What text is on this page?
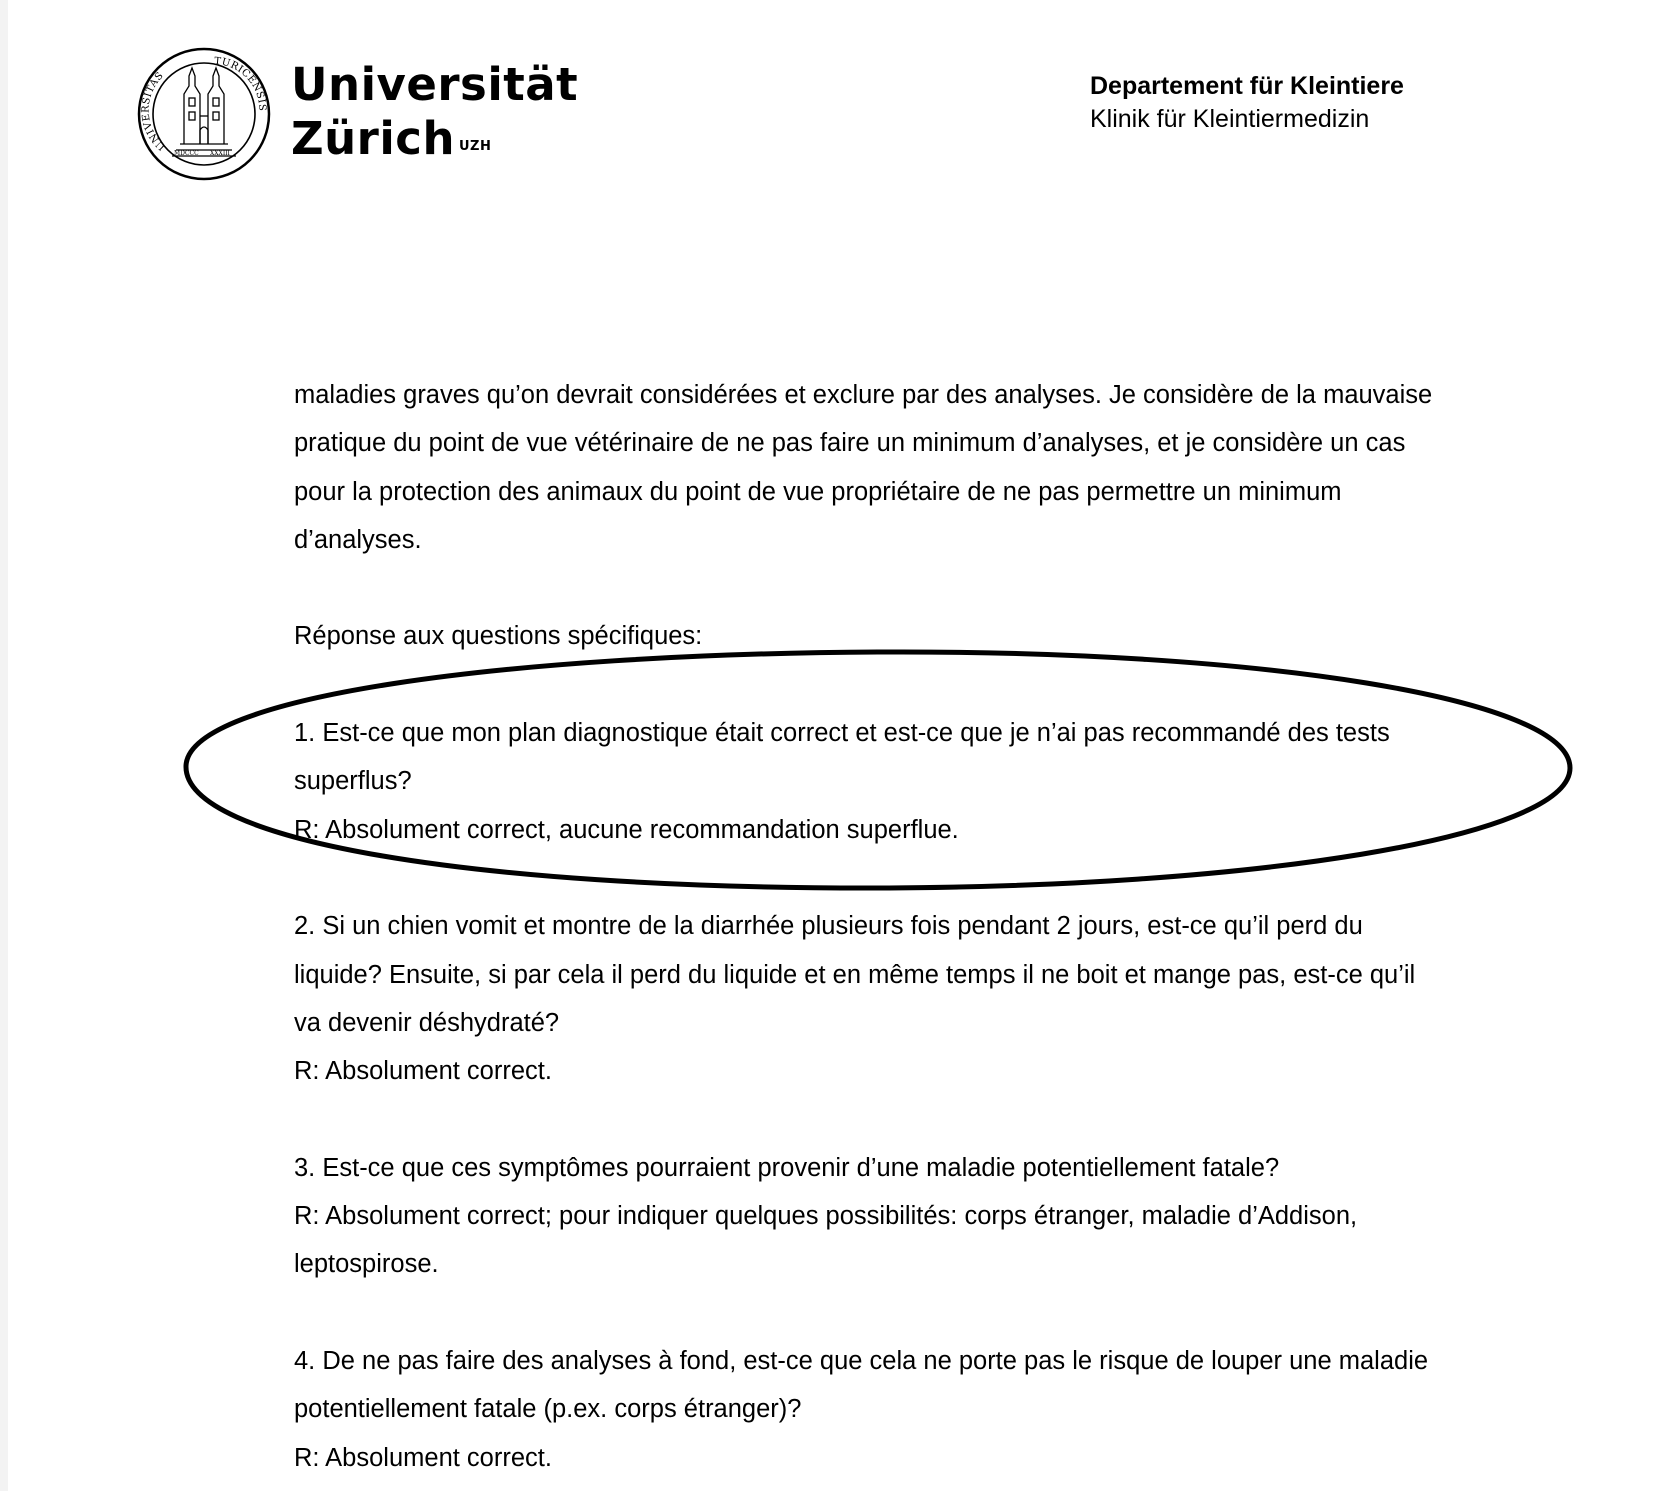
UNIVERSITAS
TURICENSIS
MDCCC XXXIII
Universität
Zürich $^{UZH}$
Departement für Kleintiere
Klinik für Kleintiermedizin

maladies graves qu’on devrait considérées et exclure par des analyses. Je considère de la mauvaise

pratique du point de vue vétérinaire de ne pas faire un minimum d’analyses, et je considère un cas

pour la protection des animaux du point de vue propriétaire de ne pas permettre un minimum

d’analyses.

Réponse aux questions spécifiques:

1. Est-ce que mon plan diagnostique était correct et est-ce que je n’ai pas recommandé des tests

superflus?

R: Absolument correct, aucune recommandation superflue.

2. Si un chien vomit et montre de la diarrhée plusieurs fois pendant 2 jours, est-ce qu’il perd du

liquide? Ensuite, si par cela il perd du liquide et en même temps il ne boit et mange pas, est-ce qu’il

va devenir déshydraté?

R: Absolument correct.

3. Est-ce que ces symptômes pourraient provenir d’une maladie potentiellement fatale?

R: Absolument correct; pour indiquer quelques possibilités: corps étranger, maladie d’Addison,

leptospirose.

4. De ne pas faire des analyses à fond, est-ce que cela ne porte pas le risque de louper une maladie

potentiellement fatale (p.ex. corps étranger)?

R: Absolument correct.
